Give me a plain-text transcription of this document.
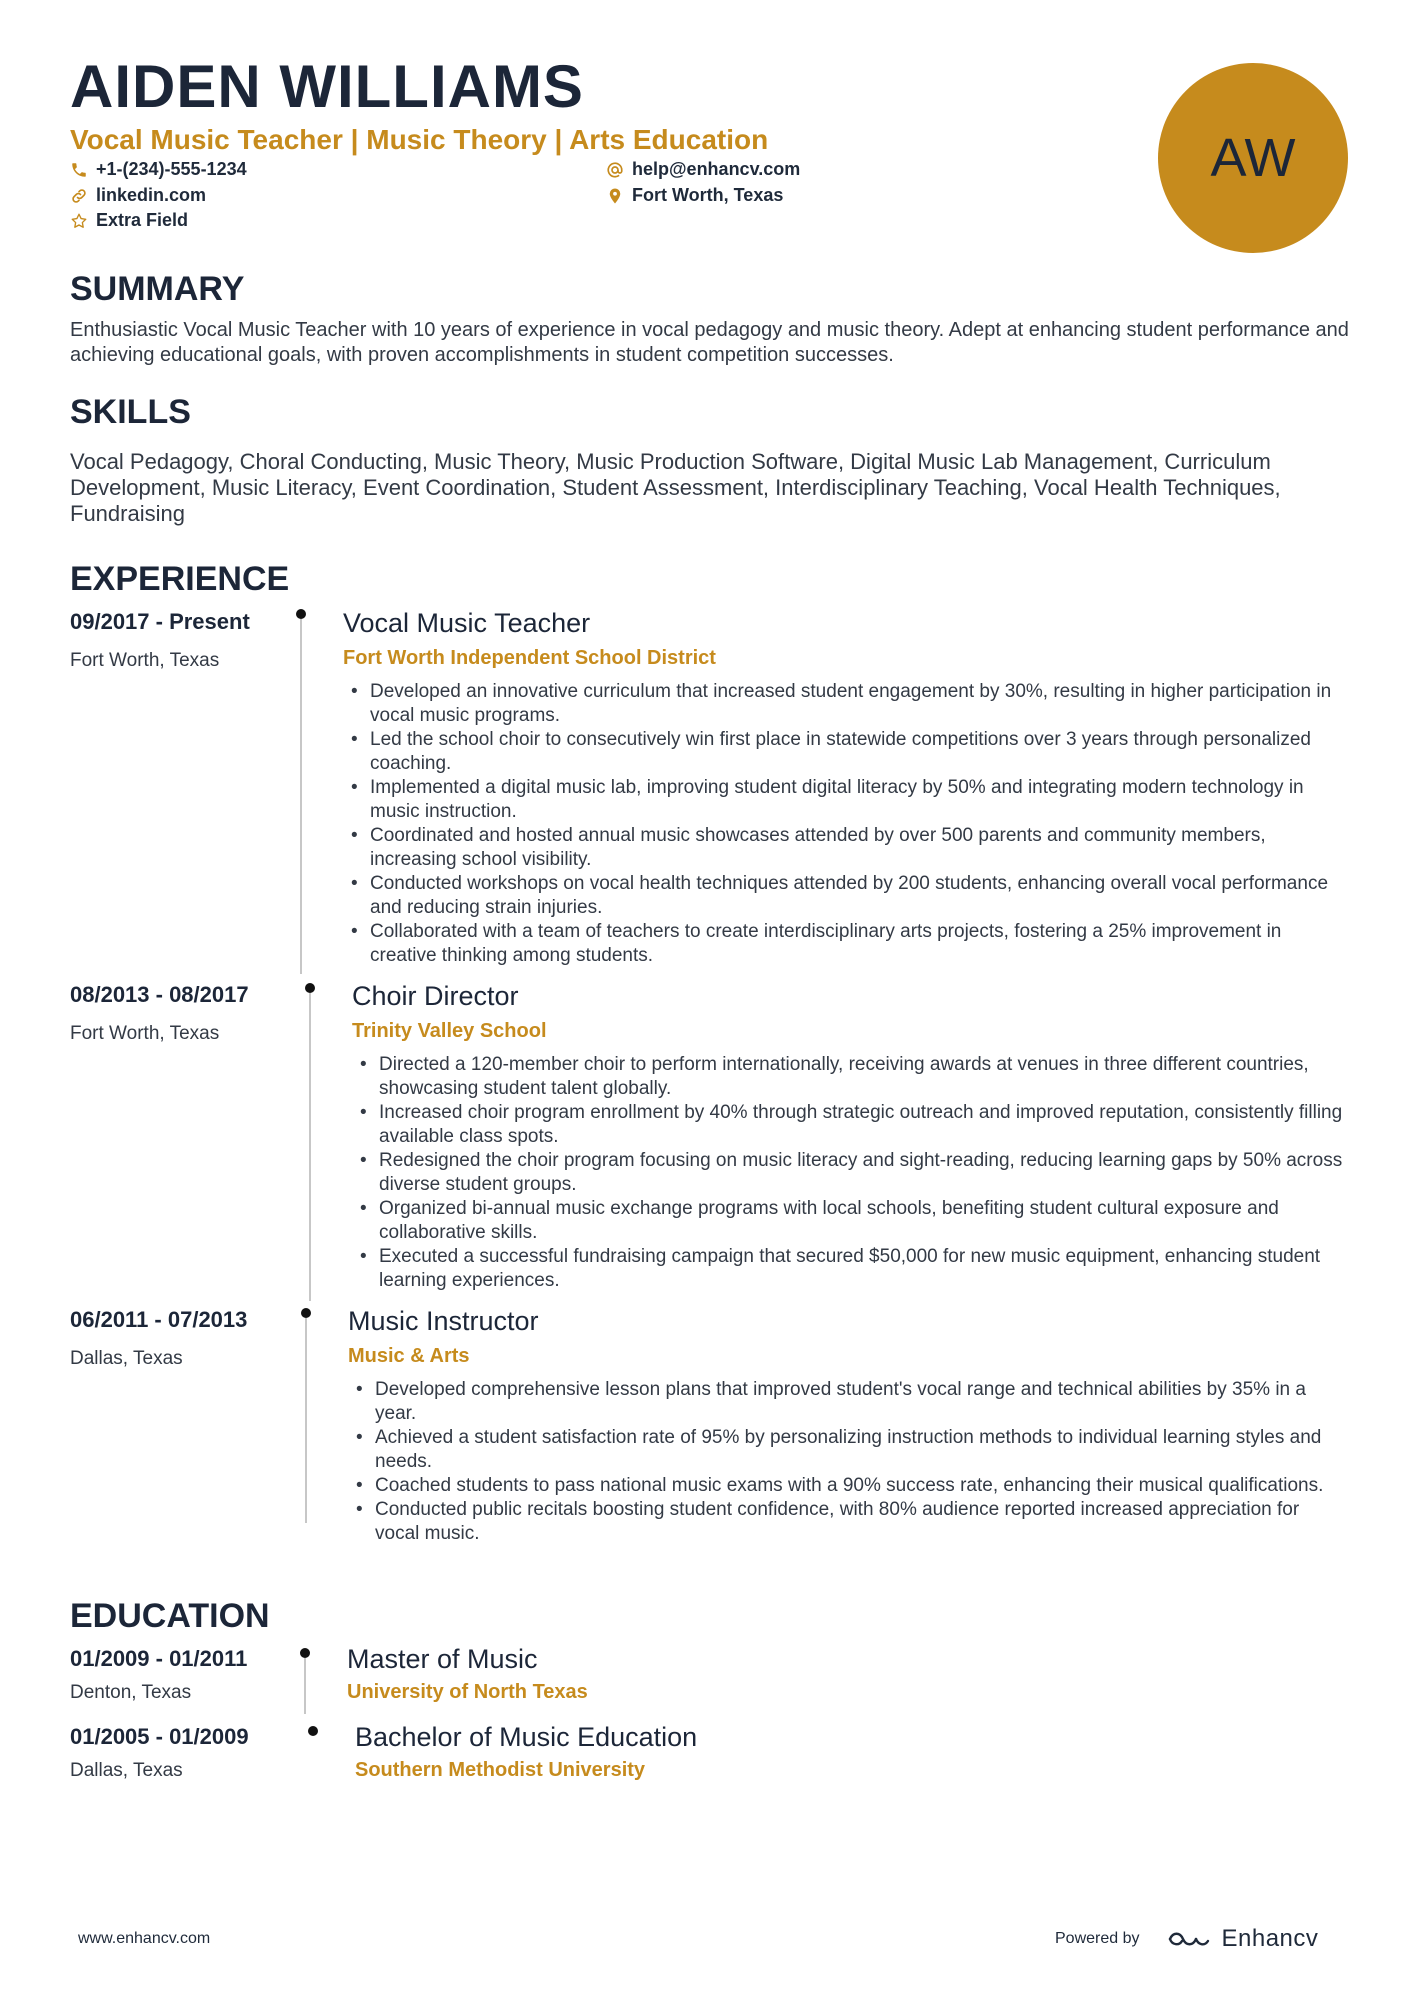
AIDEN WILLIAMS
Vocal Music Teacher | Music Theory | Arts Education
+1-(234)-555-1234	help@enhancv.com
linkedin.com	Fort Worth, Texas
Extra Field
AW
SUMMARY
Enthusiastic Vocal Music Teacher with 10 years of experience in vocal pedagogy and music theory. Adept at enhancing student performance and achieving educational goals, with proven accomplishments in student competition successes.
SKILLS
Vocal Pedagogy, Choral Conducting, Music Theory, Music Production Software, Digital Music Lab Management, Curriculum Development, Music Literacy, Event Coordination, Student Assessment, Interdisciplinary Teaching, Vocal Health Techniques, Fundraising
EXPERIENCE
09/2017 - Present
Fort Worth, Texas
Vocal Music Teacher
Fort Worth Independent School District
• Developed an innovative curriculum that increased student engagement by 30%, resulting in higher participation in vocal music programs.
• Led the school choir to consecutively win first place in statewide competitions over 3 years through personalized coaching.
• Implemented a digital music lab, improving student digital literacy by 50% and integrating modern technology in music instruction.
• Coordinated and hosted annual music showcases attended by over 500 parents and community members, increasing school visibility.
• Conducted workshops on vocal health techniques attended by 200 students, enhancing overall vocal performance and reducing strain injuries.
• Collaborated with a team of teachers to create interdisciplinary arts projects, fostering a 25% improvement in creative thinking among students.
08/2013 - 08/2017
Fort Worth, Texas
Choir Director
Trinity Valley School
• Directed a 120-member choir to perform internationally, receiving awards at venues in three different countries, showcasing student talent globally.
• Increased choir program enrollment by 40% through strategic outreach and improved reputation, consistently filling available class spots.
• Redesigned the choir program focusing on music literacy and sight-reading, reducing learning gaps by 50% across diverse student groups.
• Organized bi-annual music exchange programs with local schools, benefiting student cultural exposure and collaborative skills.
• Executed a successful fundraising campaign that secured $50,000 for new music equipment, enhancing student learning experiences.
06/2011 - 07/2013
Dallas, Texas
Music Instructor
Music & Arts
• Developed comprehensive lesson plans that improved student's vocal range and technical abilities by 35% in a year.
• Achieved a student satisfaction rate of 95% by personalizing instruction methods to individual learning styles and needs.
• Coached students to pass national music exams with a 90% success rate, enhancing their musical qualifications.
• Conducted public recitals boosting student confidence, with 80% audience reported increased appreciation for vocal music.
EDUCATION
01/2009 - 01/2011
Denton, Texas
Master of Music
University of North Texas
01/2005 - 01/2009
Dallas, Texas
Bachelor of Music Education
Southern Methodist University
www.enhancv.com	Powered by	Enhancv
